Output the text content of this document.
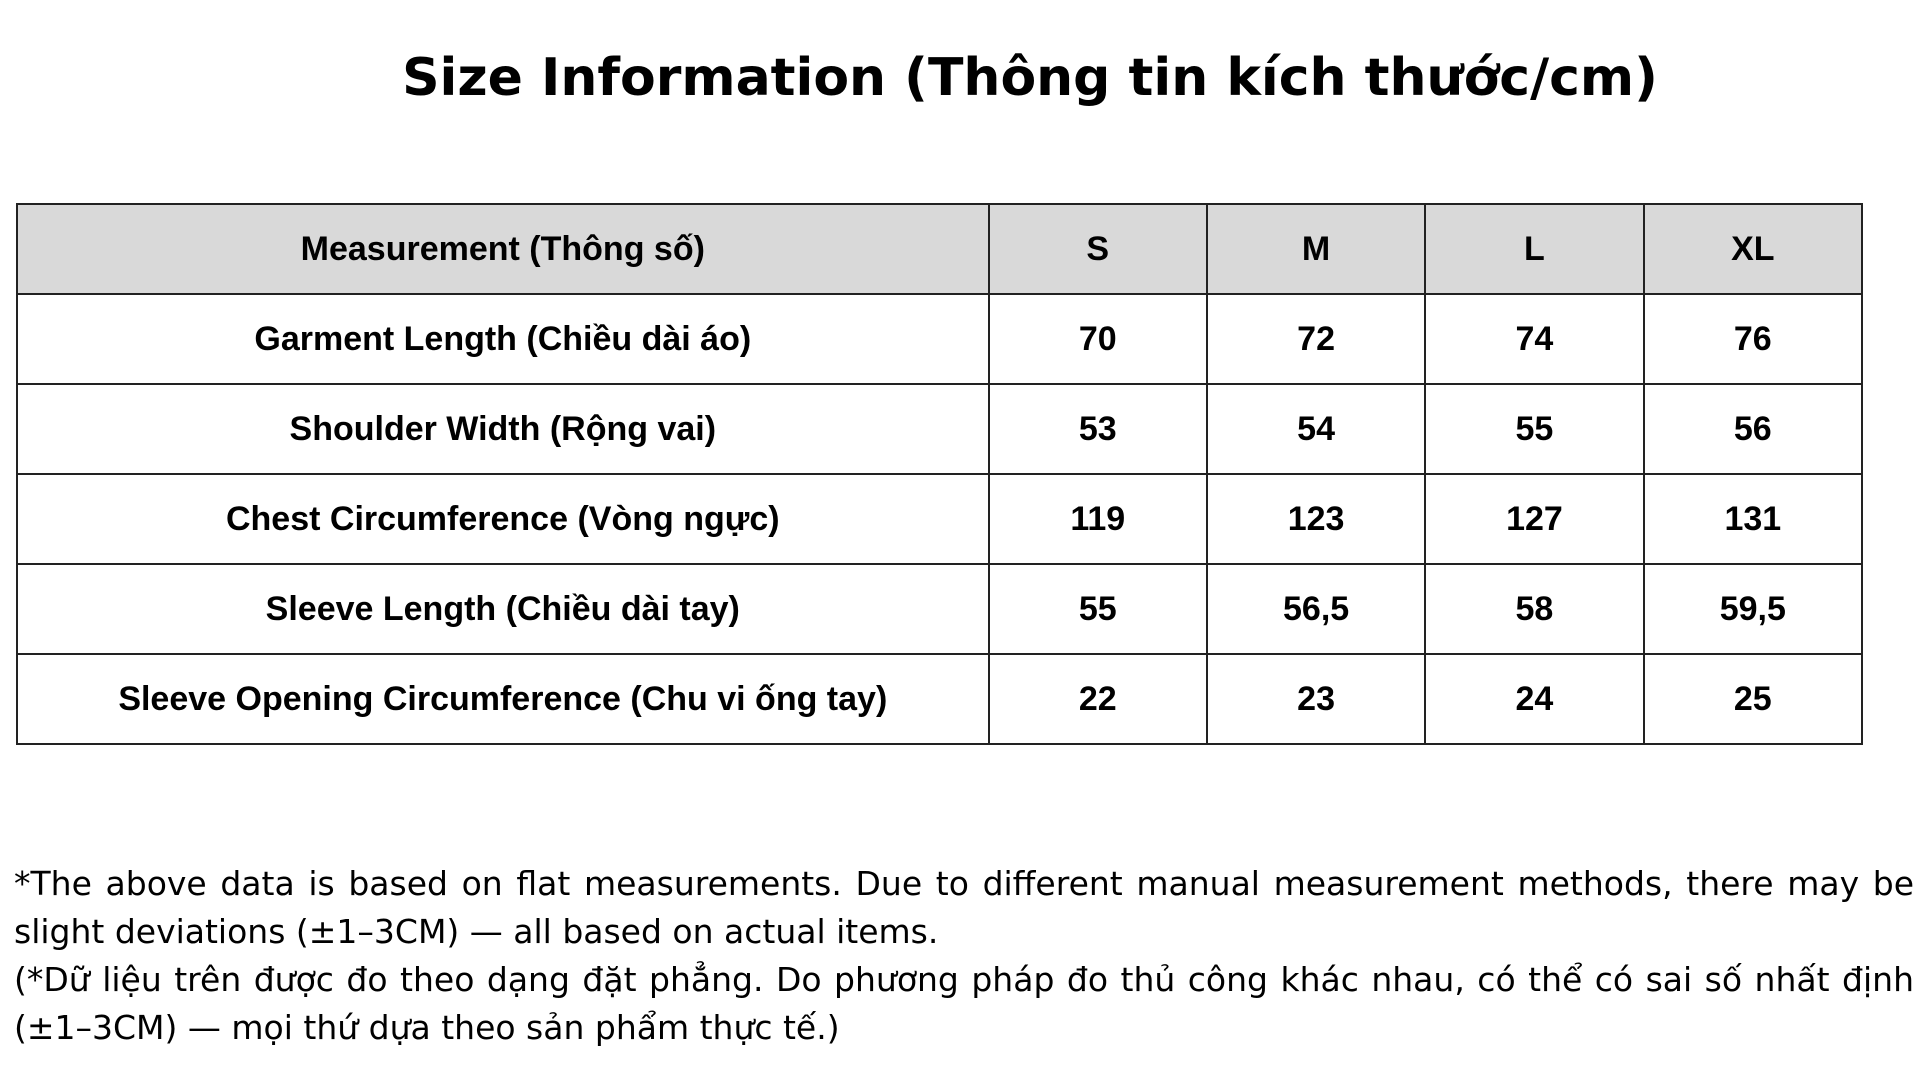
Size Information (Thông tin kích thước/cm)
Measurement (Thông số)	S	M	L	XL
Garment Length (Chiều dài áo)	70	72	74	76
Shoulder Width (Rộng vai)	53	54	55	56
Chest Circumference (Vòng ngực)	119	123	127	131
Sleeve Length (Chiều dài tay)	55	56,5	58	59,5
Sleeve Opening Circumference (Chu vi ống tay)	22	23	24	25

*The above data is based on flat measurements. Due to different manual measurement methods, there may be slight deviations (±1–3CM) — all based on actual items.
(*Dữ liệu trên được đo theo dạng đặt phẳng. Do phương pháp đo thủ công khác nhau, có thể có sai số nhất định (±1–3CM) — mọi thứ dựa theo sản phẩm thực tế.)
